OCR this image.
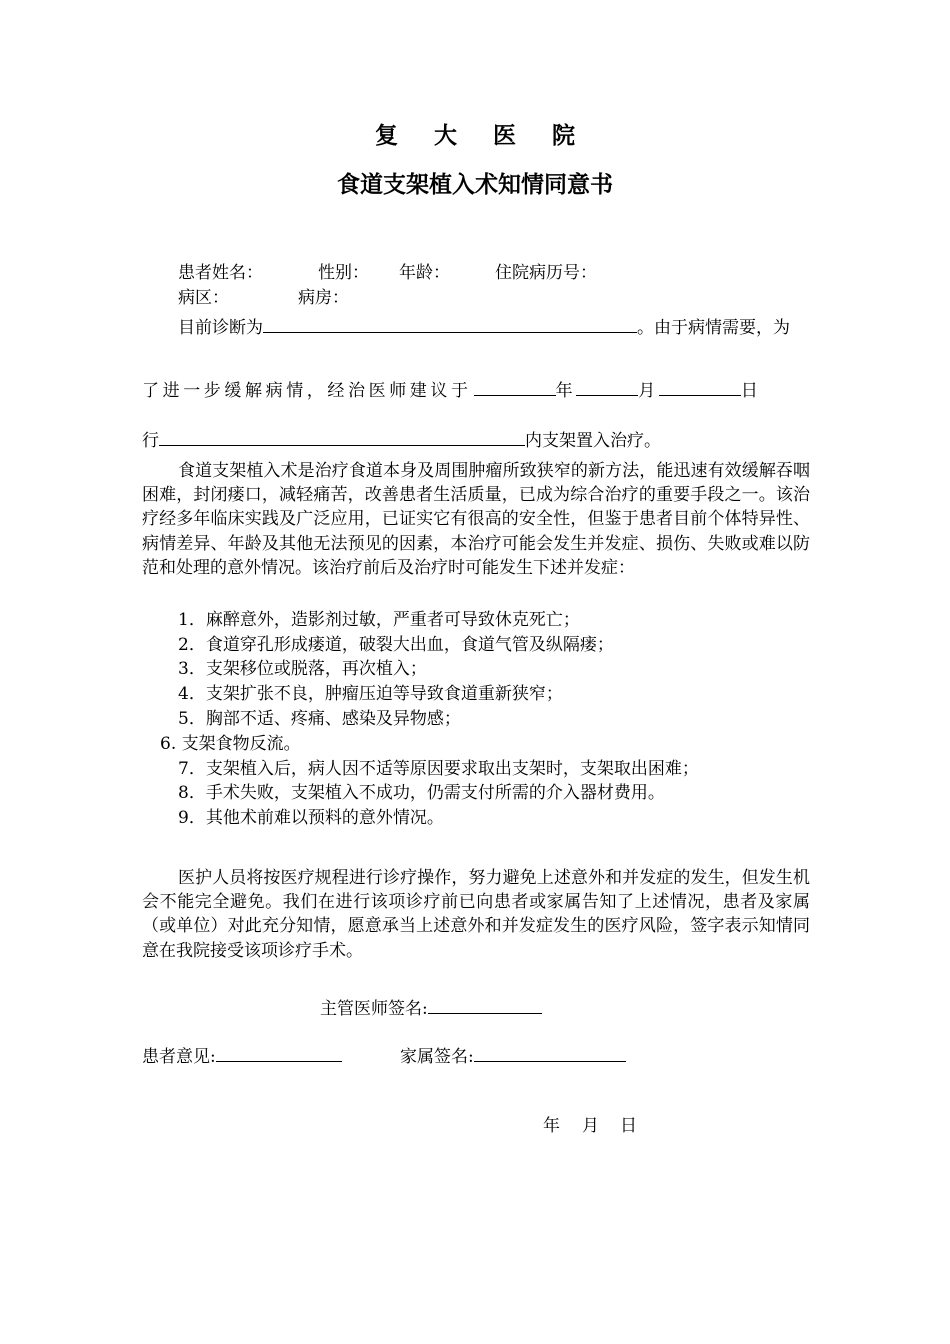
复 大 医 院
食道支架植入术知情同意书
患者姓名：	性别： 年龄：	住院病历号：
病区：	病房：
目前诊断为	。由于病情需要，为
了进一步缓解病情，经治医师建议于	年	月	日
行	内支架置入治疗。
食道支架植入术是治疗食道本身及周围肿瘤所致狭窄的新方法，能迅速有效缓解吞咽困难，封闭瘘口，减轻痛苦，改善患者生活质量，已成为综合治疗的重要手段之一。该治疗经多年临床实践及广泛应用，已证实它有很高的安全性，但鉴于患者目前个体特异性、病情差异、年龄及其他无法预见的因素，本治疗可能会发生并发症、损伤、失败或难以防范和处理的意外情况。该治疗前后及治疗时可能发生下述并发症：
1．麻醉意外，造影剂过敏，严重者可导致休克死亡；
2．食道穿孔形成瘘道，破裂大出血，食道气管及纵隔瘘；
3．支架移位或脱落，再次植入；
4．支架扩张不良，肿瘤压迫等导致食道重新狭窄；
5．胸部不适、疼痛、感染及异物感；
6. 支架食物反流。
7．支架植入后，病人因不适等原因要求取出支架时，支架取出困难；
8．手术失败，支架植入不成功，仍需支付所需的介入器材费用。
9．其他术前难以预料的意外情况。
医护人员将按医疗规程进行诊疗操作，努力避免上述意外和并发症的发生，但发生机会不能完全避免。我们在进行该项诊疗前已向患者或家属告知了上述情况，患者及家属（或单位）对此充分知情，愿意承当上述意外和并发症发生的医疗风险，签字表示知情同意在我院接受该项诊疗手术。
主管医师签名:
患者意见:	家属签名:
年 月 日
